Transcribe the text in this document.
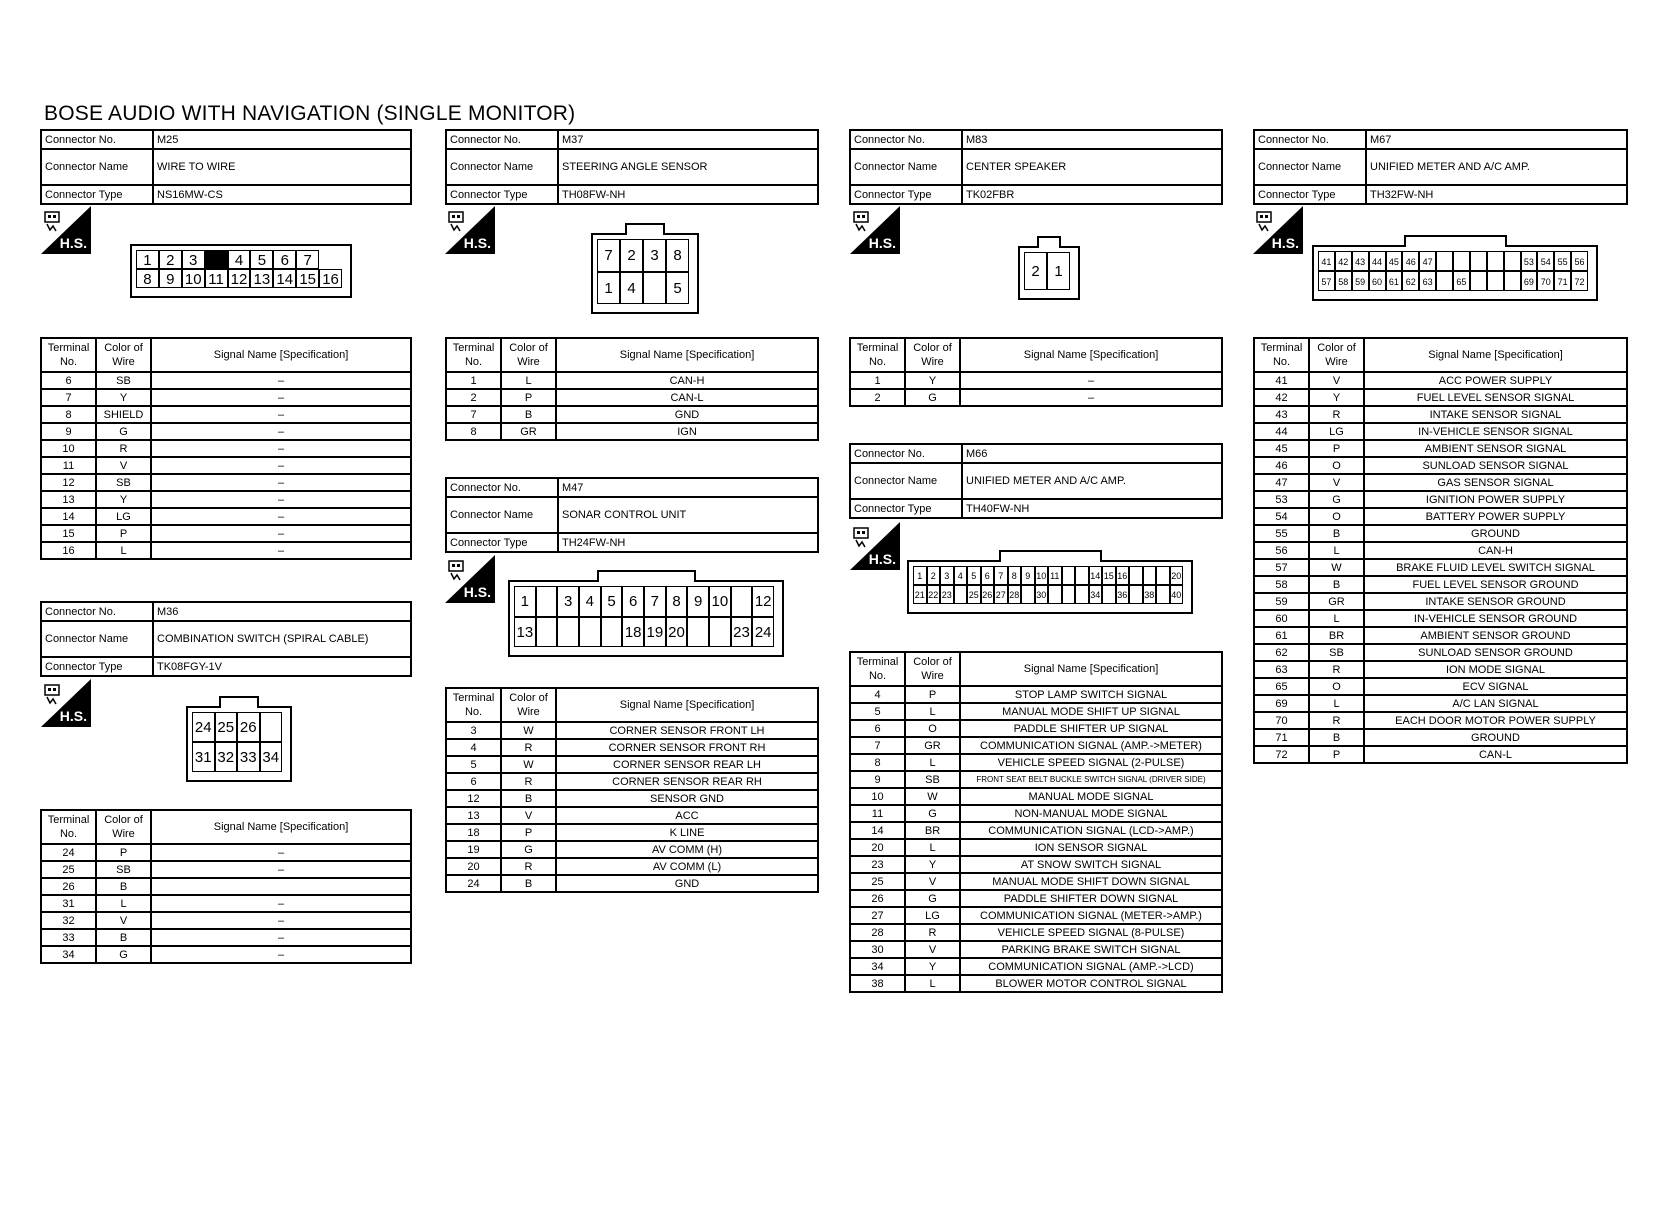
BOSE AUDIO WITH NAVIGATION (SINGLE MONITOR)
Connector No.	M25
Connector Name	WIRE TO WIRE
Connector Type	NS16MW-CS
H.S.
1 2 3	4 5 6 7
8 9 10 11 12 13 14 15 16
Terminal No.	Color of Wire	Signal Name [Specification]
6	SB	–
7	Y	–
8	SHIELD	–
9	G	–
10	R	–
11	V	–
12	SB	–
13	Y	–
14	LG	–
15	P	–
16	L	–
Connector No.	M36
Connector Name	COMBINATION SWITCH (SPIRAL CABLE)
Connector Type	TK08FGY-1V
H.S.
24 25 26
31 32 33 34
Terminal No.	Color of Wire	Signal Name [Specification]
24	P	–
25	SB	–
26	B	
31	L	–
32	V	–
33	B	–
34	G	–
Connector No.	M37
Connector Name	STEERING ANGLE SENSOR
Connector Type	TH08FW-NH
H.S.
7 2 3 8
1 4	5
Terminal No.	Color of Wire	Signal Name [Specification]
1	L	CAN-H
2	P	CAN-L
7	B	GND
8	GR	IGN
Connector No.	M47
Connector Name	SONAR CONTROL UNIT
Connector Type	TH24FW-NH
H.S.
1	3 4 5 6 7 8 9 10 12
13	18 19 20	23 24
Terminal No.	Color of Wire	Signal Name [Specification]
3	W	CORNER SENSOR FRONT LH
4	R	CORNER SENSOR FRONT RH
5	W	CORNER SENSOR REAR LH
6	R	CORNER SENSOR REAR RH
12	B	SENSOR GND
13	V	ACC
18	P	K LINE
19	G	AV COMM (H)
20	R	AV COMM (L)
24	B	GND
Connector No.	M83
Connector Name	CENTER SPEAKER
Connector Type	TK02FBR
H.S.
2 1
Terminal No.	Color of Wire	Signal Name [Specification]
1	Y	–
2	G	–
Connector No.	M66
Connector Name	UNIFIED METER AND A/C AMP.
Connector Type	TH40FW-NH
H.S.
1 2 3 4 5 6 7 8 9 10 11	14 15 16	20
21 22 23 25 26 27 28 30	34 36 38 40
Terminal No.	Color of Wire	Signal Name [Specification]
4	P	STOP LAMP SWITCH SIGNAL
5	L	MANUAL MODE SHIFT UP SIGNAL
6	O	PADDLE SHIFTER UP SIGNAL
7	GR	COMMUNICATION SIGNAL (AMP.->METER)
8	L	VEHICLE SPEED SIGNAL (2-PULSE)
9	SB	FRONT SEAT BELT BUCKLE SWITCH SIGNAL (DRIVER SIDE)
10	W	MANUAL MODE SIGNAL
11	G	NON-MANUAL MODE SIGNAL
14	BR	COMMUNICATION SIGNAL (LCD->AMP.)
20	L	ION SENSOR SIGNAL
23	Y	AT SNOW SWITCH SIGNAL
25	V	MANUAL MODE SHIFT DOWN SIGNAL
26	G	PADDLE SHIFTER DOWN SIGNAL
27	LG	COMMUNICATION SIGNAL (METER->AMP.)
28	R	VEHICLE SPEED SIGNAL (8-PULSE)
30	V	PARKING BRAKE SWITCH SIGNAL
34	Y	COMMUNICATION SIGNAL (AMP.->LCD)
38	L	BLOWER MOTOR CONTROL SIGNAL
Connector No.	M67
Connector Name	UNIFIED METER AND A/C AMP.
Connector Type	TH32FW-NH
H.S.
41 42 43 44 45 46 47	53 54 55 56
57 58 59 60 61 62 63	65	69 70 71 72
Terminal No.	Color of Wire	Signal Name [Specification]
41	V	ACC POWER SUPPLY
42	Y	FUEL LEVEL SENSOR SIGNAL
43	R	INTAKE SENSOR SIGNAL
44	LG	IN-VEHICLE SENSOR SIGNAL
45	P	AMBIENT SENSOR SIGNAL
46	O	SUNLOAD SENSOR SIGNAL
47	V	GAS SENSOR SIGNAL
53	G	IGNITION POWER SUPPLY
54	O	BATTERY POWER SUPPLY
55	B	GROUND
56	L	CAN-H
57	W	BRAKE FLUID LEVEL SWITCH SIGNAL
58	B	FUEL LEVEL SENSOR GROUND
59	GR	INTAKE SENSOR GROUND
60	L	IN-VEHICLE SENSOR GROUND
61	BR	AMBIENT SENSOR GROUND
62	SB	SUNLOAD SENSOR GROUND
63	R	ION MODE SIGNAL
65	O	ECV SIGNAL
69	L	A/C LAN SIGNAL
70	R	EACH DOOR MOTOR POWER SUPPLY
71	B	GROUND
72	P	CAN-L
